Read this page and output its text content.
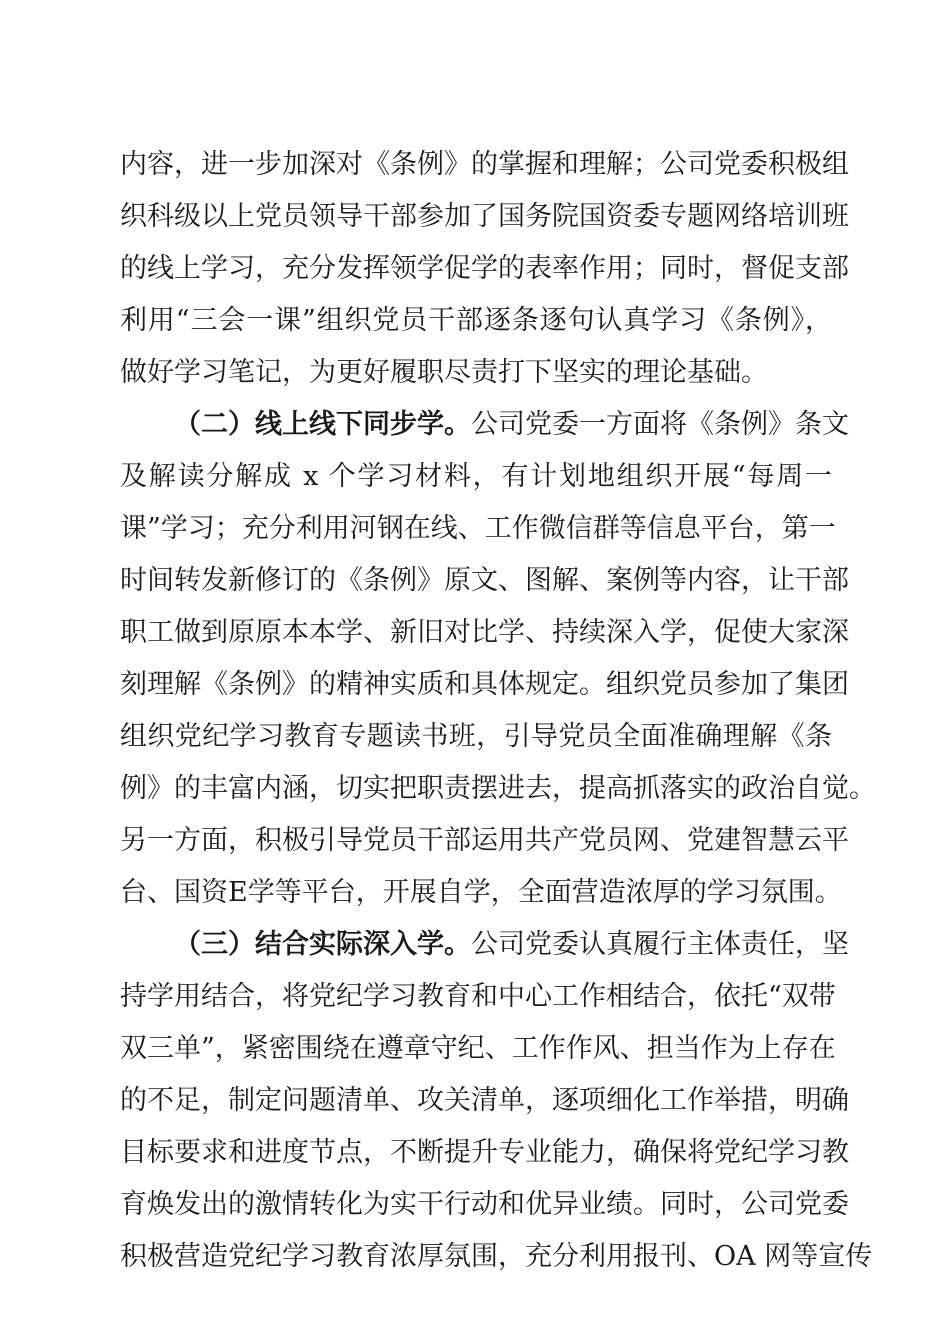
内容，进一步加深对《条例》的掌握和理解；公司党委积极组
织科级以上党员领导干部参加了国务院国资委专题网络培训班
的线上学习，充分发挥领学促学的表率作用；同时，督促支部
利用“三会一课”组织党员干部逐条逐句认真学习《条例》，
做好学习笔记，为更好履职尽责打下坚实的理论基础。
（二）线上线下同步学。公司党委一方面将《条例》条文
及解读分解成 x 个学习材料，有计划地组织开展“每周一
课”学习；充分利用河钢在线、工作微信群等信息平台，第一
时间转发新修订的《条例》原文、图解、案例等内容，让干部
职工做到原原本本学、新旧对比学、持续深入学，促使大家深
刻理解《条例》的精神实质和具体规定。组织党员参加了集团
组织党纪学习教育专题读书班，引导党员全面准确理解《条
例》的丰富内涵，切实把职责摆进去，提高抓落实的政治自觉。
另一方面，积极引导党员干部运用共产党员网、党建智慧云平
台、国资E学等平台，开展自学，全面营造浓厚的学习氛围。
（三）结合实际深入学。公司党委认真履行主体责任，坚
持学用结合，将党纪学习教育和中心工作相结合，依托“双带
双三单”，紧密围绕在遵章守纪、工作作风、担当作为上存在
的不足，制定问题清单、攻关清单，逐项细化工作举措，明确
目标要求和进度节点，不断提升专业能力，确保将党纪学习教
育焕发出的激情转化为实干行动和优异业绩。同时，公司党委
积极营造党纪学习教育浓厚氛围，充分利用报刊、OA 网等宣传
